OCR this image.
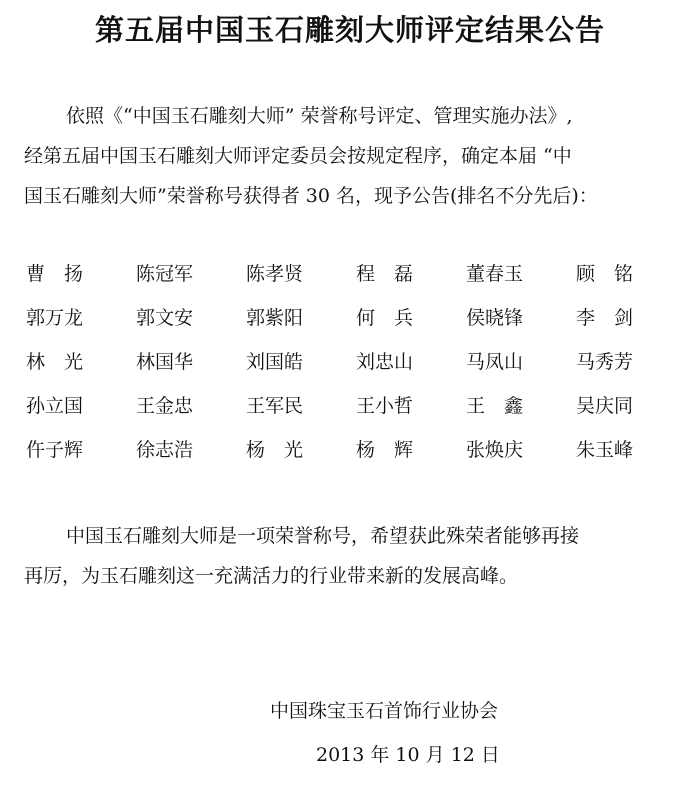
第五届中国玉石雕刻大师评定结果公告
依照《“中国玉石雕刻大师” 荣誉称号评定、管理实施办法》,
经第五届中国玉石雕刻大师评定委员会按规定程序，确定本届 “中
国玉石雕刻大师”荣誉称号获得者 30 名，现予公告(排名不分先后)：
曹　扬	陈冠军	陈孝贤	程　磊	董春玉	顾　铭
郭万龙	郭文安	郭紫阳	何　兵	侯晓锋	李　剑
林　光	林国华	刘国皓	刘忠山	马凤山	马秀芳
孙立国	王金忠	王军民	王小哲	王　鑫	吴庆同
仵子辉	徐志浩	杨　光	杨　辉	张焕庆	朱玉峰
中国玉石雕刻大师是一项荣誉称号，希望获此殊荣者能够再接
再厉，为玉石雕刻这一充满活力的行业带来新的发展高峰。
中国珠宝玉石首饰行业协会
2013 年 10 月 12 日
